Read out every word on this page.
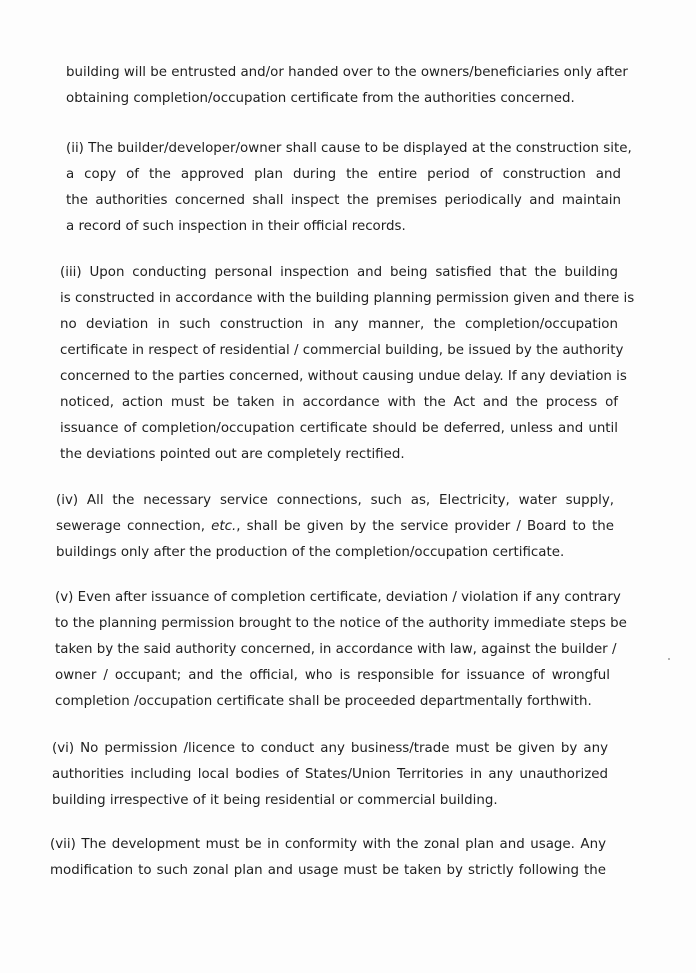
building will be entrusted and/or handed over to the owners/beneficiaries only after
obtaining completion/occupation certificate from the authorities concerned.

(ii) The builder/developer/owner shall cause to be displayed at the construction site,
a copy of the approved plan during the entire period of construction and
the authorities concerned shall inspect the premises periodically and maintain
a record of such inspection in their official records.

(iii) Upon conducting personal inspection and being satisfied that the building
is constructed in accordance with the building planning permission given and there is
no deviation in such construction in any manner, the completion/occupation
certificate in respect of residential / commercial building, be issued by the authority
concerned to the parties concerned, without causing undue delay. If any deviation is
noticed, action must be taken in accordance with the Act and the process of
issuance of completion/occupation certificate should be deferred, unless and until
the deviations pointed out are completely rectified.

(iv) All the necessary service connections, such as, Electricity, water supply,
sewerage connection, etc., shall be given by the service provider / Board to the
buildings only after the production of the completion/occupation certificate.

(v) Even after issuance of completion certificate, deviation / violation if any contrary
to the planning permission brought to the notice of the authority immediate steps be
taken by the said authority concerned, in accordance with law, against the builder /
owner / occupant; and the official, who is responsible for issuance of wrongful
completion /occupation certificate shall be proceeded departmentally forthwith.

(vi) No permission /licence to conduct any business/trade must be given by any
authorities including local bodies of States/Union Territories in any unauthorized
building irrespective of it being residential or commercial building.

(vii) The development must be in conformity with the zonal plan and usage. Any
modification to such zonal plan and usage must be taken by strictly following the
